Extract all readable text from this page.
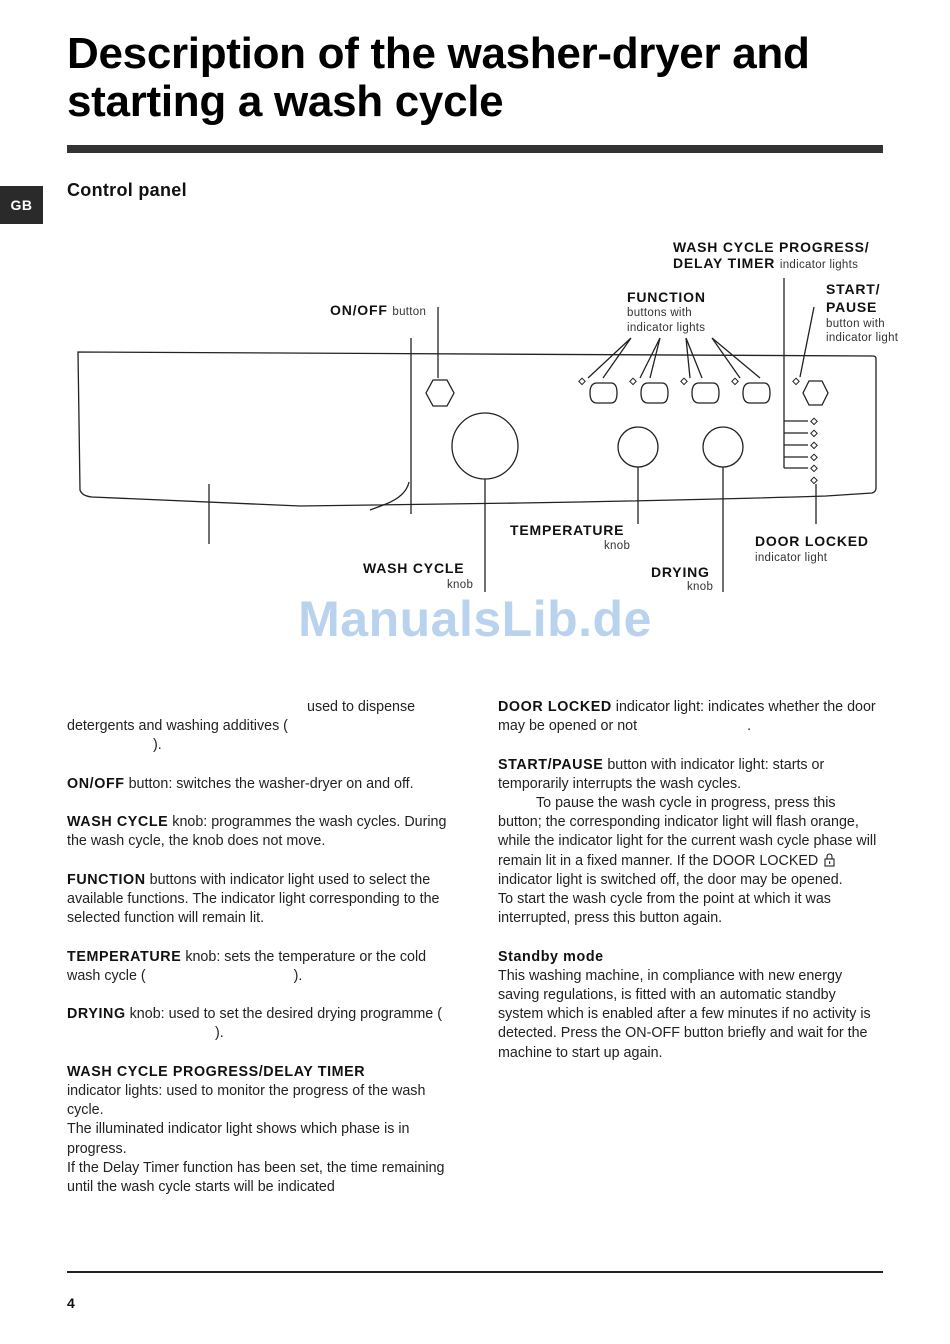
Description of the washer-dryer and
starting a wash cycle
GB
Control panel
WASH CYCLE PROGRESS/
DELAY TIMER indicator lights
ON/OFF button
FUNCTION
buttons with
indicator lights
START/
PAUSE
button with
indicator light
TEMPERATURE
knob	DOOR LOCKED
indicator light
WASH CYCLE
knob
DRYING
knob
ManualsLib.de

used to dispense
detergents and washing additives (
).

ON/OFF button: switches the washer-dryer on and off.

WASH CYCLE knob: programmes the wash cycles. During the wash cycle, the knob does not move.

FUNCTION buttons with indicator light used to select the available functions. The indicator light corresponding to the selected function will remain lit.

TEMPERATURE knob: sets the temperature or the cold wash cycle (	).

DRYING knob: used to set the desired drying programme ().

WASH CYCLE PROGRESS/DELAY TIMER
indicator lights: used to monitor the progress of the wash cycle.
The illuminated indicator light shows which phase is in progress.
If the Delay Timer function has been set, the time remaining until the wash cycle starts will be indicated

DOOR LOCKED indicator light: indicates whether the door may be opened or not	.

START/PAUSE button with indicator light: starts or temporarily interrupts the wash cycles.
To pause the wash cycle in progress, press this button; the corresponding indicator light will flash orange, while the indicator light for the current wash cycle phase will remain lit in a fixed manner. If the DOOR LOCKED  indicator light is switched off, the door may be opened.
To start the wash cycle from the point at which it was interrupted, press this button again.

Standby mode
This washing machine, in compliance with new energy saving regulations, is fitted with an automatic standby system which is enabled after a few minutes if no activity is detected. Press the ON-OFF button briefly and wait for the machine to start up again.

4
